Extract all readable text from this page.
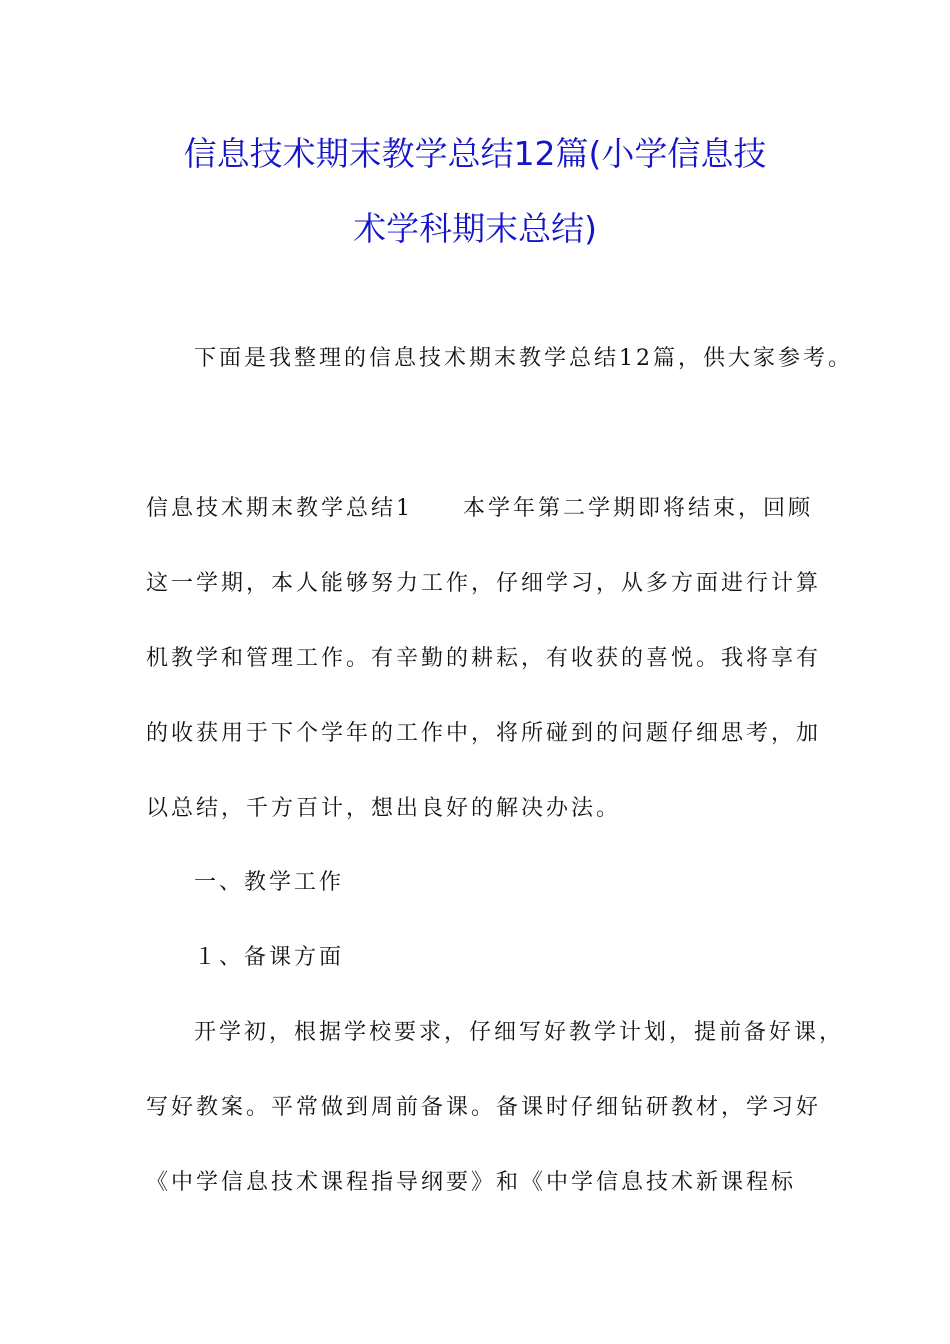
信息技术期末教学总结12篇(小学信息技
术学科期末总结)
下面是我整理的信息技术期末教学总结12篇，供大家参考。
信息技术期末教学总结1　　本学年第二学期即将结束，回顾
这一学期，本人能够努力工作，仔细学习，从多方面进行计算
机教学和管理工作。有辛勤的耕耘，有收获的喜悦。我将享有
的收获用于下个学年的工作中，将所碰到的问题仔细思考，加
以总结，千方百计，想出良好的解决办法。
一、教学工作
１、备课方面
开学初，根据学校要求，仔细写好教学计划，提前备好课，
写好教案。平常做到周前备课。备课时仔细钻研教材，学习好
《中学信息技术课程指导纲要》和《中学信息技术新课程标
